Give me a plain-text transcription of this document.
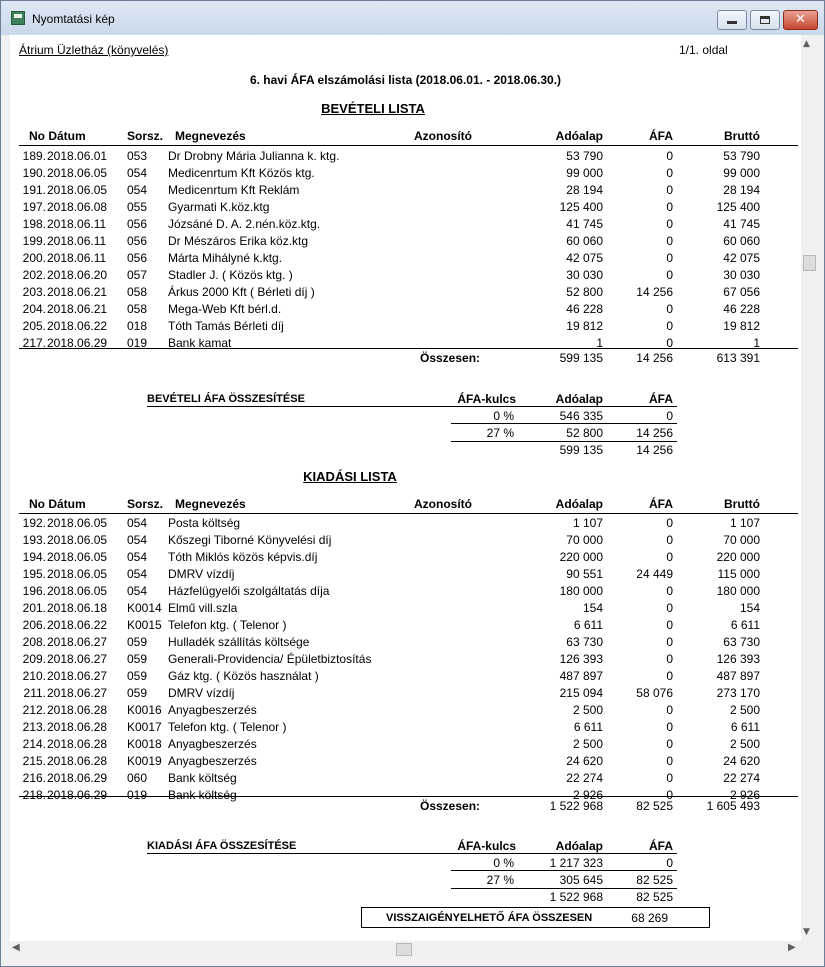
Nyomtatási kép	✕
Átrium Üzletház (könyvelés)	1/1. oldal
6. havi ÁFA elszámolási lista (2018.06.01. - 2018.06.30.)
BEVÉTELI LISTA
No Dátum	Sorsz. Megnevezés	Azonosító	Adóalap	ÁFA	Bruttó
189. 2018.06.01 053 Dr Drobny Mária Julianna k. ktg.	53 790	0	53 790
190. 2018.06.05 054 Medicenrtum Kft Közös ktg.	99 000	0	99 000
191. 2018.06.05 054 Medicenrtum Kft Reklám	28 194	0	28 194
197. 2018.06.08 055 Gyarmati K.köz.ktg	125 400	0	125 400
198. 2018.06.11 056 Józsáné D. A. 2.nén.köz.ktg.	41 745	0	41 745
199. 2018.06.11 056 Dr Mészáros Erika köz.ktg	60 060	0	60 060
200. 2018.06.11 056 Márta Mihályné k.ktg.	42 075	0	42 075
202. 2018.06.20 057 Stadler J. ( Közös ktg. )	30 030	0	30 030
203. 2018.06.21 058 Árkus 2000 Kft ( Bérleti díj )	52 800	14 256	67 056
204. 2018.06.21 058 Mega-Web Kft bérl.d.	46 228	0	46 228
205. 2018.06.22 018 Tóth Tamás Bérleti díj	19 812	0	19 812
217. 2018.06.29 019 Bank kamat	1	0	1
Összesen:	599 135	14 256	613 391
BEVÉTELI ÁFA ÖSSZESÍTÉSE	ÁFA-kulcs	Adóalap	ÁFA
0 %	546 335	0
27 %	52 800	14 256
599 135	14 256
KIADÁSI LISTA
No Dátum	Sorsz. Megnevezés	Azonosító	Adóalap	ÁFA	Bruttó
192. 2018.06.05 054 Posta költség	1 107	0	1 107
193. 2018.06.05 054 Kőszegi Tiborné Könyvelési díj	70 000	0	70 000
194. 2018.06.05 054 Tóth Miklós közös képvis.díj	220 000	0	220 000
195. 2018.06.05 054 DMRV vízdíj	90 551	24 449	115 000
196. 2018.06.05 054 Házfelügyelői szolgáltatás díja	180 000	0	180 000
201. 2018.06.18 K0014 Elmű vill.szla	154	0	154
206. 2018.06.22 K0015 Telefon ktg. ( Telenor )	6 611	0	6 611
208. 2018.06.27 059 Hulladék szállítás költsége	63 730	0	63 730
209. 2018.06.27 059 Generali-Providencia/ Épületbiztosítás	126 393	0	126 393
210. 2018.06.27 059 Gáz ktg. ( Közös használat )	487 897	0	487 897
211. 2018.06.27 059 DMRV vízdíj	215 094	58 076	273 170
212. 2018.06.28 K0016 Anyagbeszerzés	2 500	0	2 500
213. 2018.06.28 K0017 Telefon ktg. ( Telenor )	6 611	0	6 611
214. 2018.06.28 K0018 Anyagbeszerzés	2 500	0	2 500
215. 2018.06.28 K0019 Anyagbeszerzés	24 620	0	24 620
216. 2018.06.29 060 Bank költség	22 274	0	22 274
218. 2018.06.29 019 Bank költség	2 926	0	2 926
Összesen:	1 522 968	82 525	1 605 493
KIADÁSI ÁFA ÖSSZESÍTÉSE	ÁFA-kulcs	Adóalap	ÁFA
0 %	1 217 323	0
27 %	305 645	82 525
1 522 968	82 525
VISSZAIGÉNYELHETŐ ÁFA ÖSSZESEN	68 269
▲
▼
◀	▶
